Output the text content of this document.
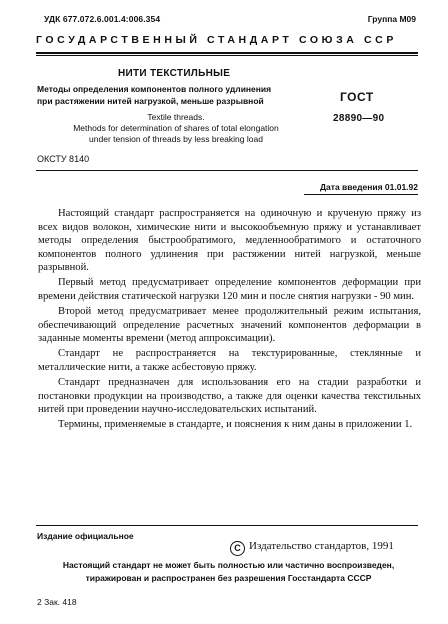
УДК 677.072.6.001.4:006.354	Группа М09
ГОСУДАРСТВЕННЫЙ СТАНДАРТ СОЮЗА ССР
НИТИ ТЕКСТИЛЬНЫЕ
Методы определения компонентов полного удлинения
при растяжении нитей нагрузкой, меньше разрывной	ГОСТ
28890—90
Textile threads.
Methods for determination of shares of total elongation
under tension of threads by less breaking load
ОКСТУ 8140
Дата введения 01.01.92

Настоящий стандарт распространяется на одиночную и крученую пряжу из всех видов волокон, химические нити и высокообъемную пряжу и устанавливает методы определения быстрообратимого, медленнообратимого и остаточного компонентов полного удлинения при растяжении нитей нагрузкой, меньше разрывной.

Первый метод предусматривает определение компонентов деформации при времени действия статической нагрузки 120 мин и после снятия нагрузки - 90 мин.

Второй метод предусматривает менее продолжительный режим испытания, обеспечивающий определение расчетных значений компонентов деформации в заданные моменты времени (метод аппроксимации).

Стандарт не распространяется на текстурированные, стеклянные и металлические нити, а также асбестовую пряжу.

Стандарт предназначен для использования его на стадии разработки и постановки продукции на производство, а также для оценки качества текстильных нитей при проведении научно-исследовательских испытаний.

Термины, применяемые в стандарте, и пояснения к ним даны в приложении 1.

Издание официальное
C Издательство стандартов, 1991
Настоящий стандарт не может быть полностью или частично воспроизведен,
тиражирован и распространен без разрешения Госстандарта СССР
2 Зак. 418
